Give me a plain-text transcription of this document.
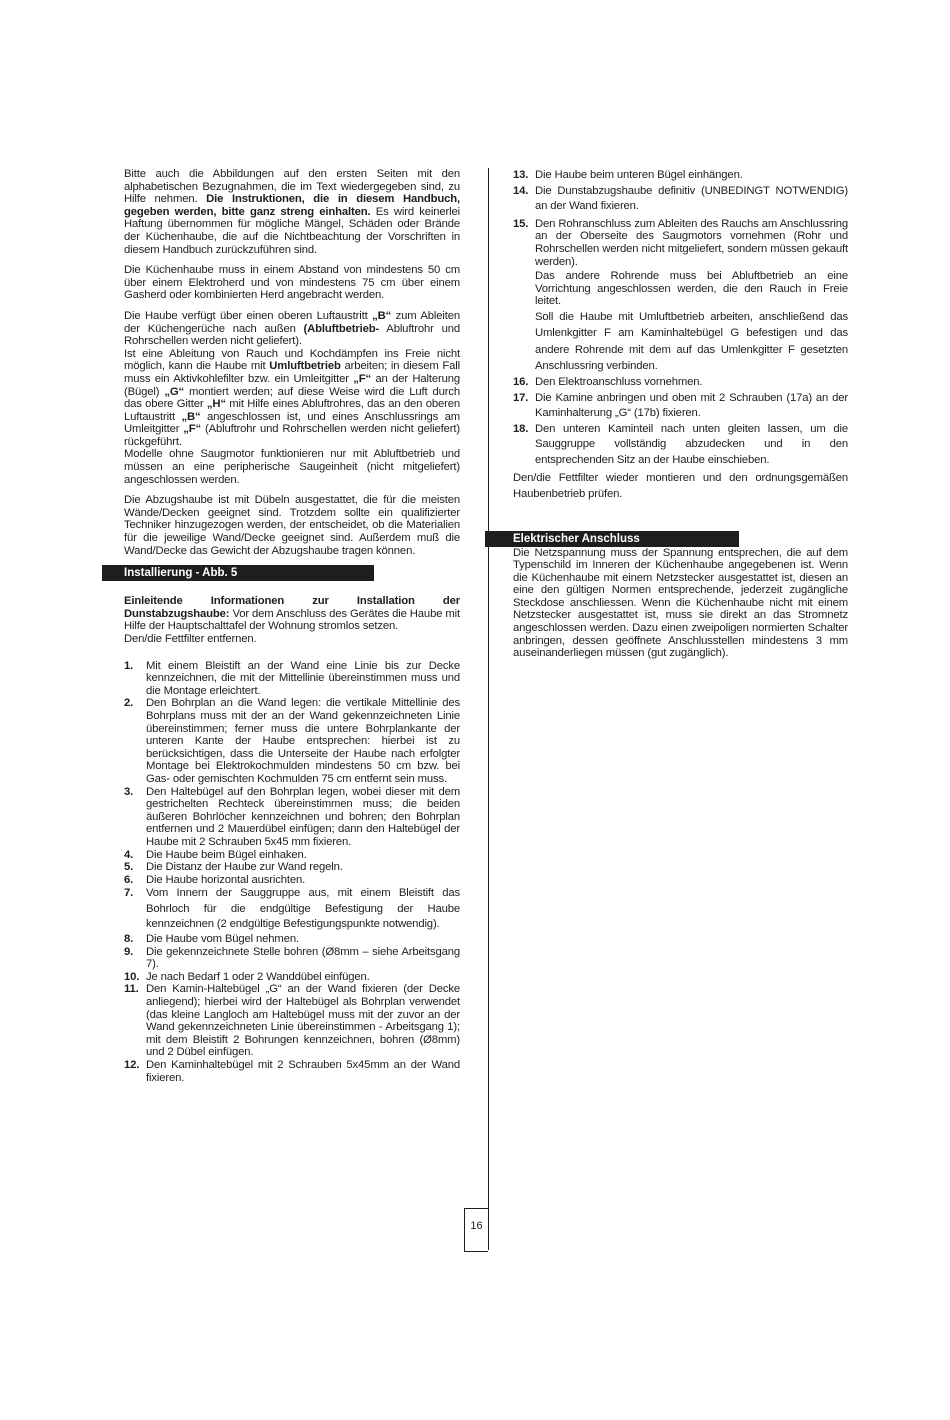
Bitte auch die Abbildungen auf den ersten Seiten mit den alphabetischen Bezugnahmen, die im Text wiedergegeben sind, zu Hilfe nehmen. Die Instruktionen, die in diesem Handbuch, gegeben werden, bitte ganz streng einhalten. Es wird keinerlei Haftung übernommen für mögliche Mängel, Schäden oder Brände der Küchenhaube, die auf die Nichtbeachtung der Vorschriften in diesem Handbuch zurückzuführen sind.

Die Küchenhaube muss in einem Abstand von mindestens 50 cm über einem Elektroherd und von mindestens 75 cm über einem Gasherd oder kombinierten Herd angebracht werden.

Die Haube verfügt über einen oberen Luftaustritt „B“ zum Ableiten der Küchengerüche nach außen (Abluftbetrieb- Abluftrohr und Rohrschellen werden nicht geliefert).

Ist eine Ableitung von Rauch und Kochdämpfen ins Freie nicht möglich, kann die Haube mit Umluftbetrieb arbeiten; in diesem Fall muss ein Aktivkohlefilter bzw. ein Umleitgitter „F“ an der Halterung (Bügel) „G“ montiert werden; auf diese Weise wird die Luft durch das obere Gitter „H“ mit Hilfe eines Abluftrohres, das an den oberen Luftaustritt „B“ angeschlossen ist, und eines Anschlussrings am Umleitgitter „F“ (Abluftrohr und Rohrschellen werden nicht geliefert) rückgeführt.

Modelle ohne Saugmotor funktionieren nur mit Abluftbetrieb und müssen an eine peripherische Saugeinheit (nicht mitgeliefert) angeschlossen werden.

Die Abzugshaube ist mit Dübeln ausgestattet, die für die meisten Wände/Decken geeignet sind. Trotzdem sollte ein qualifizierter Techniker hinzugezogen werden, der entscheidet, ob die Materialien für die jeweilige Wand/Decke geeignet sind. Außerdem muß die Wand/Decke das Gewicht der Abzugshaube tragen können.

Installierung - Abb. 5

Einleitende Informationen zur Installation der Dunstabzugshaube: Vor dem Anschluss des Gerätes die Haube mit Hilfe der Hauptschalttafel der Wohnung stromlos setzen.

Den/die Fettfilter entfernen.

1. Mit einem Bleistift an der Wand eine Linie bis zur Decke kennzeichnen, die mit der Mittellinie übereinstimmen muss und die Montage erleichtert.
2. Den Bohrplan an die Wand legen: die vertikale Mittellinie des Bohrplans muss mit der an der Wand gekennzeichneten Linie übereinstimmen; ferner muss die untere Bohrplankante der unteren Kante der Haube entsprechen: hierbei ist zu berücksichtigen, dass die Unterseite der Haube nach erfolgter Montage bei Elektrokochmulden mindestens 50 cm bzw. bei Gas- oder gemischten Kochmulden 75 cm entfernt sein muss.
3. Den Haltebügel auf den Bohrplan legen, wobei dieser mit dem gestrichelten Rechteck übereinstimmen muss; die beiden äußeren Bohrlöcher kennzeichnen und bohren; den Bohrplan entfernen und 2 Mauerdübel einfügen; dann den Haltebügel der Haube mit 2 Schrauben 5x45 mm fixieren.
4. Die Haube beim Bügel einhaken.
5. Die Distanz der Haube zur Wand regeln.
6. Die Haube horizontal ausrichten.
7. Vom Innern der Sauggruppe aus, mit einem Bleistift das Bohrloch für die endgültige Befestigung der Haube kennzeichnen (2 endgültige Befestigungspunkte notwendig).
8. Die Haube vom Bügel nehmen.
9. Die gekennzeichnete Stelle bohren (Ø8mm – siehe Arbeitsgang 7).
10. Je nach Bedarf 1 oder 2 Wanddübel einfügen.
11. Den Kamin-Haltebügel „G“ an der Wand fixieren (der Decke anliegend); hierbei wird der Haltebügel als Bohrplan verwendet (das kleine Langloch am Haltebügel muss mit der zuvor an der Wand gekennzeichneten Linie übereinstimmen - Arbeitsgang 1); mit dem Bleistift 2 Bohrungen kennzeichnen, bohren (Ø8mm) und 2 Dübel einfügen.
12. Den Kaminhaltebügel mit 2 Schrauben 5x45mm an der Wand fixieren.
16
13. Die Haube beim unteren Bügel einhängen.
14. Die Dunstabzugshaube definitiv (UNBEDINGT NOTWENDIG) an der Wand fixieren.
15. Den Rohranschluss zum Ableiten des Rauchs am Anschlussring an der Oberseite des Saugmotors vornehmen (Rohr und Rohrschellen werden nicht mitgeliefert, sondern müssen gekauft werden).

Das andere Rohrende muss bei Abluftbetrieb an eine Vorrichtung angeschlossen werden, die den Rauch in Freie leitet.

Soll die Haube mit Umluftbetrieb arbeiten, anschließend das Umlenkgitter F am Kaminhaltebügel G befestigen und das andere Rohrende mit dem auf das Umlenkgitter F gesetzten Anschlussring verbinden.

16. Den Elektroanschluss vornehmen.
17. Die Kamine anbringen und oben mit 2 Schrauben (17a) an der Kaminhalterung „G“ (17b) fixieren.
18. Den unteren Kaminteil nach unten gleiten lassen, um die Sauggruppe vollständig abzudecken und in den entsprechenden Sitz an der Haube einschieben.

Den/die Fettfilter wieder montieren und den ordnungsgemäßen Haubenbetrieb prüfen.

Elektrischer Anschluss

Die Netzspannung muss der Spannung entsprechen, die auf dem Typenschild im Inneren der Küchenhaube angegebenen ist. Wenn die Küchenhaube mit einem Netzstecker ausgestattet ist, diesen an eine den gültigen Normen entsprechende, jederzeit zugängliche Steckdose anschliessen. Wenn die Küchenhaube nicht mit einem Netzstecker ausgestattet ist, muss sie direkt an das Stromnetz angeschlossen werden. Dazu einen zweipoligen normierten Schalter anbringen, dessen geöffnete Anschlusstellen mindestens 3 mm auseinanderliegen müssen (gut zugänglich).
